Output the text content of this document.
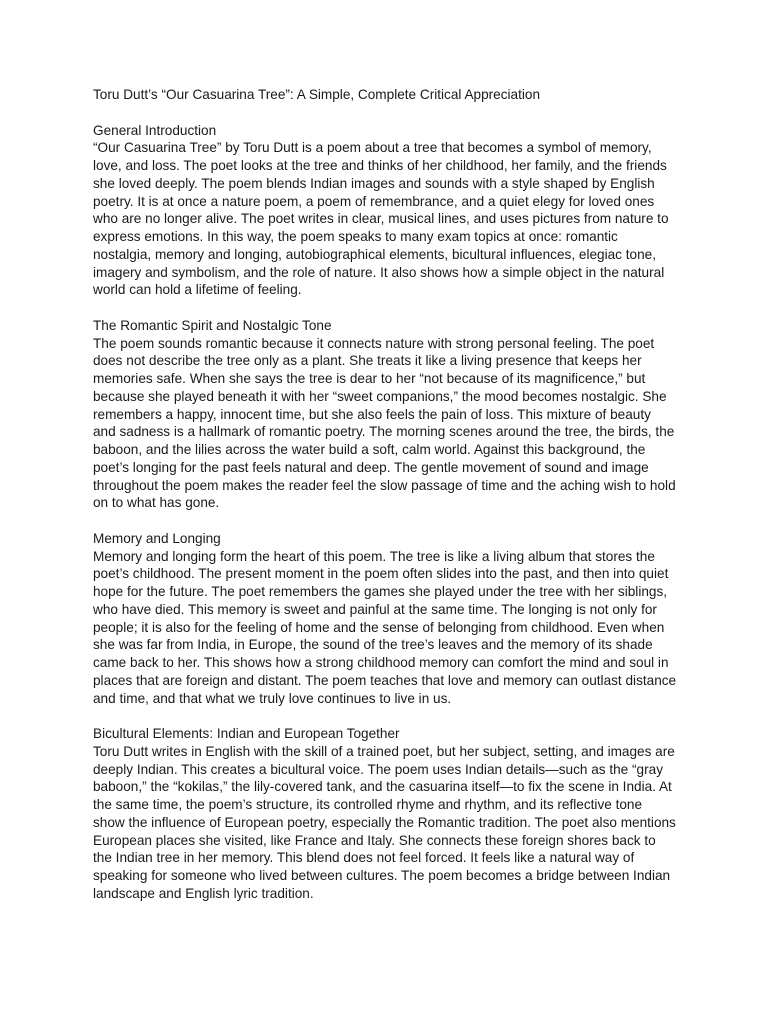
Toru Dutt’s “Our Casuarina Tree”: A Simple, Complete Critical Appreciation

General Introduction

“Our Casuarina Tree” by Toru Dutt is a poem about a tree that becomes a symbol of memory, love, and loss. The poet looks at the tree and thinks of her childhood, her family, and the friends she loved deeply. The poem blends Indian images and sounds with a style shaped by English poetry. It is at once a nature poem, a poem of remembrance, and a quiet elegy for loved ones who are no longer alive. The poet writes in clear, musical lines, and uses pictures from nature to express emotions. In this way, the poem speaks to many exam topics at once: romantic nostalgia, memory and longing, autobiographical elements, bicultural influences, elegiac tone, imagery and symbolism, and the role of nature. It also shows how a simple object in the natural world can hold a lifetime of feeling.

The Romantic Spirit and Nostalgic Tone

The poem sounds romantic because it connects nature with strong personal feeling. The poet does not describe the tree only as a plant. She treats it like a living presence that keeps her memories safe. When she says the tree is dear to her “not because of its magnificence,” but because she played beneath it with her “sweet companions,” the mood becomes nostalgic. She remembers a happy, innocent time, but she also feels the pain of loss. This mixture of beauty and sadness is a hallmark of romantic poetry. The morning scenes around the tree, the birds, the baboon, and the lilies across the water build a soft, calm world. Against this background, the poet’s longing for the past feels natural and deep. The gentle movement of sound and image throughout the poem makes the reader feel the slow passage of time and the aching wish to hold on to what has gone.

Memory and Longing

Memory and longing form the heart of this poem. The tree is like a living album that stores the poet’s childhood. The present moment in the poem often slides into the past, and then into quiet hope for the future. The poet remembers the games she played under the tree with her siblings, who have died. This memory is sweet and painful at the same time. The longing is not only for people; it is also for the feeling of home and the sense of belonging from childhood. Even when she was far from India, in Europe, the sound of the tree’s leaves and the memory of its shade came back to her. This shows how a strong childhood memory can comfort the mind and soul in places that are foreign and distant. The poem teaches that love and memory can outlast distance and time, and that what we truly love continues to live in us.

Bicultural Elements: Indian and European Together

Toru Dutt writes in English with the skill of a trained poet, but her subject, setting, and images are deeply Indian. This creates a bicultural voice. The poem uses Indian details—such as the “gray baboon,” the “kokilas,” the lily-covered tank, and the casuarina itself—to fix the scene in India. At the same time, the poem’s structure, its controlled rhyme and rhythm, and its reflective tone show the influence of European poetry, especially the Romantic tradition. The poet also mentions European places she visited, like France and Italy. She connects these foreign shores back to the Indian tree in her memory. This blend does not feel forced. It feels like a natural way of speaking for someone who lived between cultures. The poem becomes a bridge between Indian landscape and English lyric tradition.
